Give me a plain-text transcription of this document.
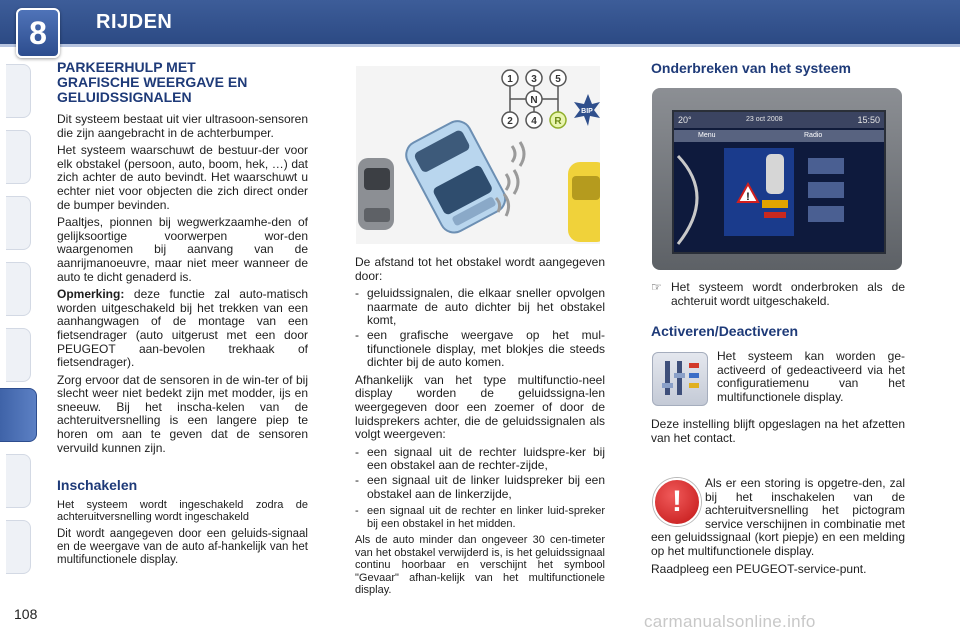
8	RIJDEN
PARKEERHULP MET
GRAFISCHE WEERGAVE EN
GELUIDSSIGNALEN

Dit systeem bestaat uit vier ultrasoon-sensoren die zijn aangebracht in de achterbumper.

Het systeem waarschuwt de bestuur-der voor elk obstakel (persoon, auto, boom, hek, …) dat zich achter de auto bevindt. Het waarschuwt u echter niet voor objecten die zich direct onder de bumper bevinden.

Paaltjes, pionnen bij wegwerkzaamhe-den of gelijksoortige voorwerpen wor-den waargenomen bij aanvang van de aanrijmanoeuvre, maar niet meer wanneer de auto te dicht genaderd is.

Opmerking: deze functie zal auto-matisch worden uitgeschakeld bij het trekken van een aanhangwagen of de montage van een fietsendrager (auto uitgerust met een door PEUGEOT aan-bevolen trekhaak of fietsendrager).

Zorg ervoor dat de sensoren in de win-ter of bij slecht weer niet bedekt zijn met modder, ijs en sneeuw. Bij het inscha-kelen van de achteruitversnelling is een langere piep te horen om aan te geven dat de sensoren vervuild kunnen zijn.

Inschakelen

Het systeem wordt ingeschakeld zodra de achteruitversnelling wordt ingeschakeld

Dit wordt aangegeven door een geluids-signaal en de weergave van de auto af-hankelijk van het multifunctionele display.

1 3 5
N
2 4 R
BIP

De afstand tot het obstakel wordt aangegeven door:

- geluidssignalen, die elkaar sneller opvolgen naarmate de auto dichter bij het obstakel komt,
- een grafische weergave op het mul-tifunctionele display, met blokjes die steeds dichter bij de auto komen.

Afhankelijk van het type multifunctio-neel display worden de geluidssigna-len weergegeven door een zoemer of door de luidsprekers achter, die de geluidssignalen als volgt weergeven:

- een signaal uit de rechter luidspre-ker bij een obstakel aan de rechter-zijde,
- een signaal uit de linker luidspreker bij een obstakel aan de linkerzijde,
- een signaal uit de rechter en linker luid-spreker bij een obstakel in het midden.

Als de auto minder dan ongeveer 30 cen-timeter van het obstakel verwijderd is, is het geluidssignaal continu hoorbaar en verschijnt het symbool "Gevaar" afhan-kelijk van het multifunctionele display.

Onderbreken van het systeem
20°	23 oct 2008	15:50
Menu	Radio
!
☞ Het systeem wordt onderbroken als de achteruit wordt uitgeschakeld.
Activeren/Deactiveren

Het systeem kan worden ge-activeerd of gedeactiveerd via het configuratiemenu van het multifunctionele display.

Deze instelling blijft opgeslagen na het afzetten van het contact.

!

Als er een storing is opgetre-den, zal bij het inschakelen van de achteruitversnelling het pictogram service verschijnen in combinatie met een geluidssignaal (kort piepje) en een melding op het multifunctionele display.

Raadpleeg een PEUGEOT-service-punt.

108	carmanualsonline.info
